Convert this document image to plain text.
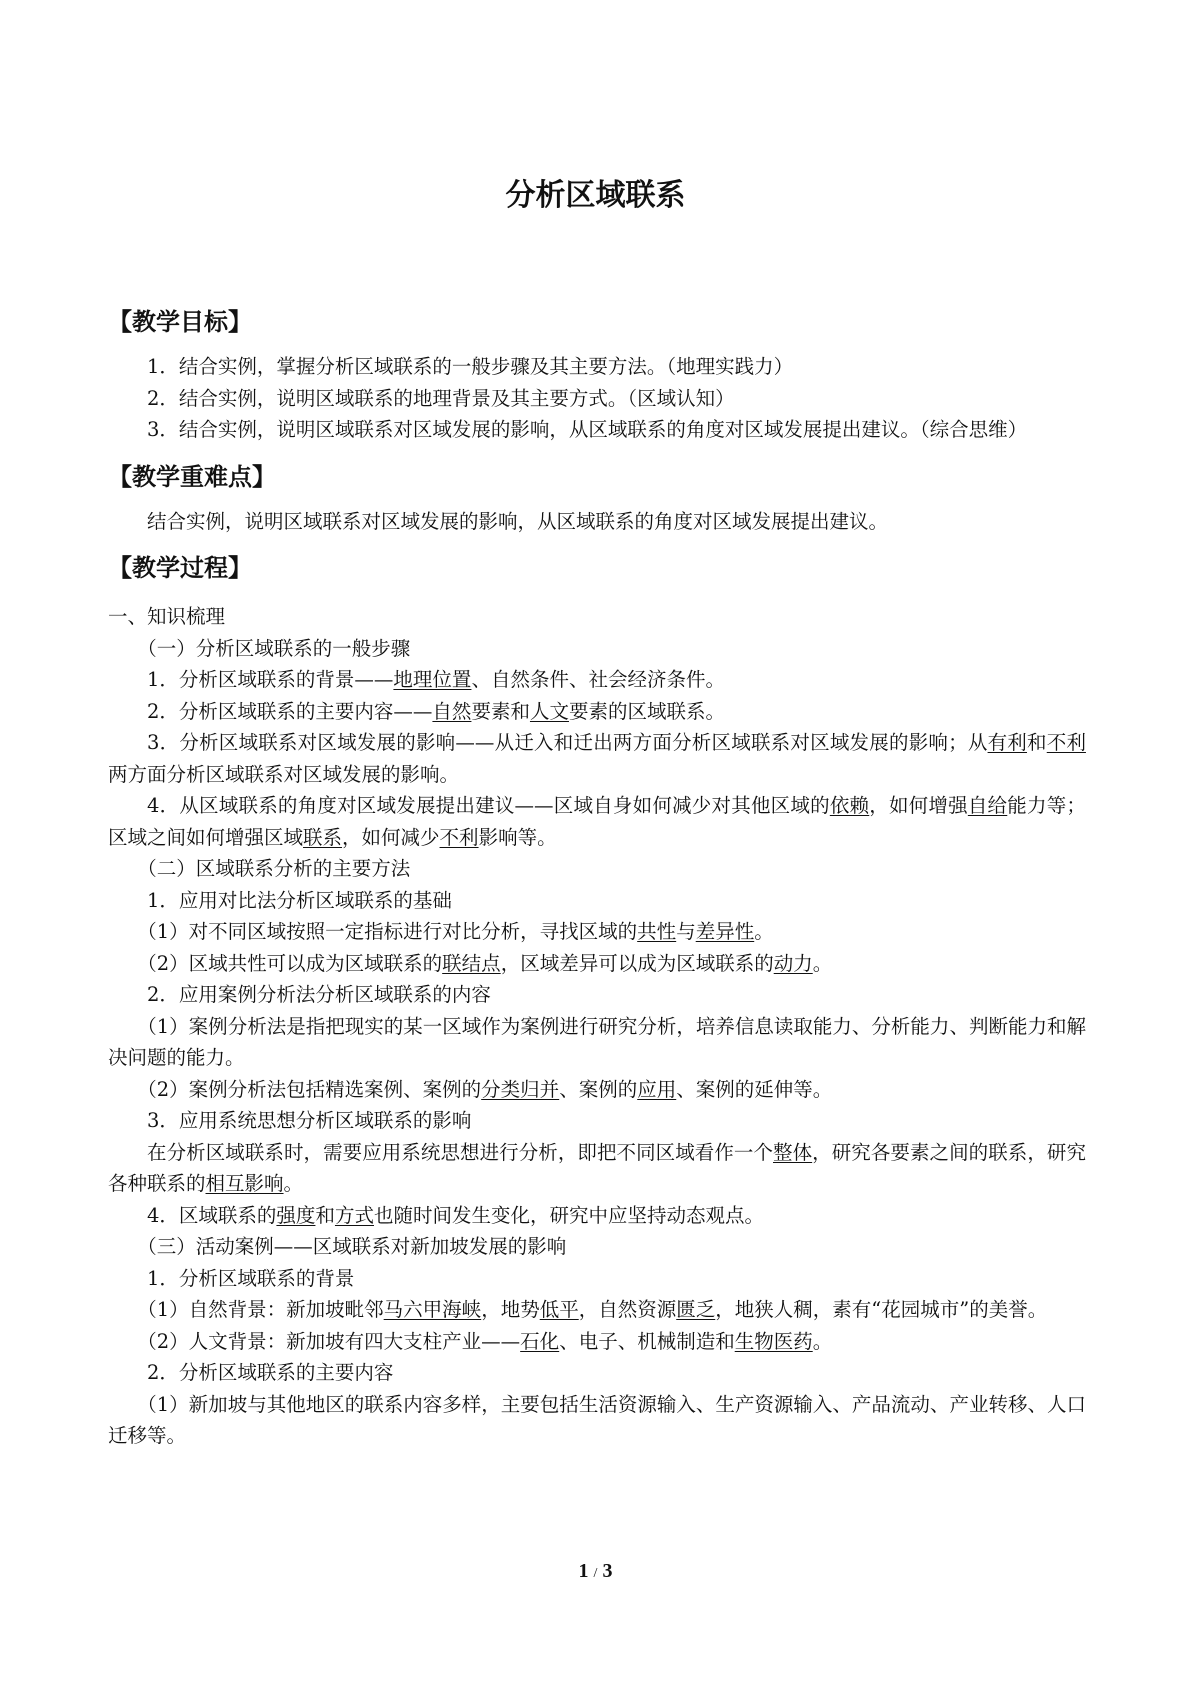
分析区域联系
【教学目标】

1．结合实例，掌握分析区域联系的一般步骤及其主要方法。（地理实践力）

2．结合实例，说明区域联系的地理背景及其主要方式。（区域认知）

3．结合实例，说明区域联系对区域发展的影响，从区域联系的角度对区域发展提出建议。（综合思维）

【教学重难点】

结合实例，说明区域联系对区域发展的影响，从区域联系的角度对区域发展提出建议。

【教学过程】

一、知识梳理

（一）分析区域联系的一般步骤

1．分析区域联系的背景——地理位置、自然条件、社会经济条件。

2．分析区域联系的主要内容——自然要素和人文要素的区域联系。

3．分析区域联系对区域发展的影响——从迁入和迁出两方面分析区域联系对区域发展的影响；从有利和不利两方面分析区域联系对区域发展的影响。

4．从区域联系的角度对区域发展提出建议——区域自身如何减少对其他区域的依赖，如何增强自给能力等；区域之间如何增强区域联系，如何减少不利影响等。

（二）区域联系分析的主要方法

1．应用对比法分析区域联系的基础

（1）对不同区域按照一定指标进行对比分析，寻找区域的共性与差异性。

（2）区域共性可以成为区域联系的联结点，区域差异可以成为区域联系的动力。

2．应用案例分析法分析区域联系的内容

（1）案例分析法是指把现实的某一区域作为案例进行研究分析，培养信息读取能力、分析能力、判断能力和解决问题的能力。

（2）案例分析法包括精选案例、案例的分类归并、案例的应用、案例的延伸等。

3．应用系统思想分析区域联系的影响

在分析区域联系时，需要应用系统思想进行分析，即把不同区域看作一个整体，研究各要素之间的联系，研究各种联系的相互影响。

4．区域联系的强度和方式也随时间发生变化，研究中应坚持动态观点。

（三）活动案例——区域联系对新加坡发展的影响

1．分析区域联系的背景

（1）自然背景：新加坡毗邻马六甲海峡，地势低平，自然资源匮乏，地狭人稠，素有“花园城市”的美誉。

（2）人文背景：新加坡有四大支柱产业——石化、电子、机械制造和生物医药。

2．分析区域联系的主要内容

（1）新加坡与其他地区的联系内容多样，主要包括生活资源输入、生产资源输入、产品流动、产业转移、人口迁移等。

1 / 3
